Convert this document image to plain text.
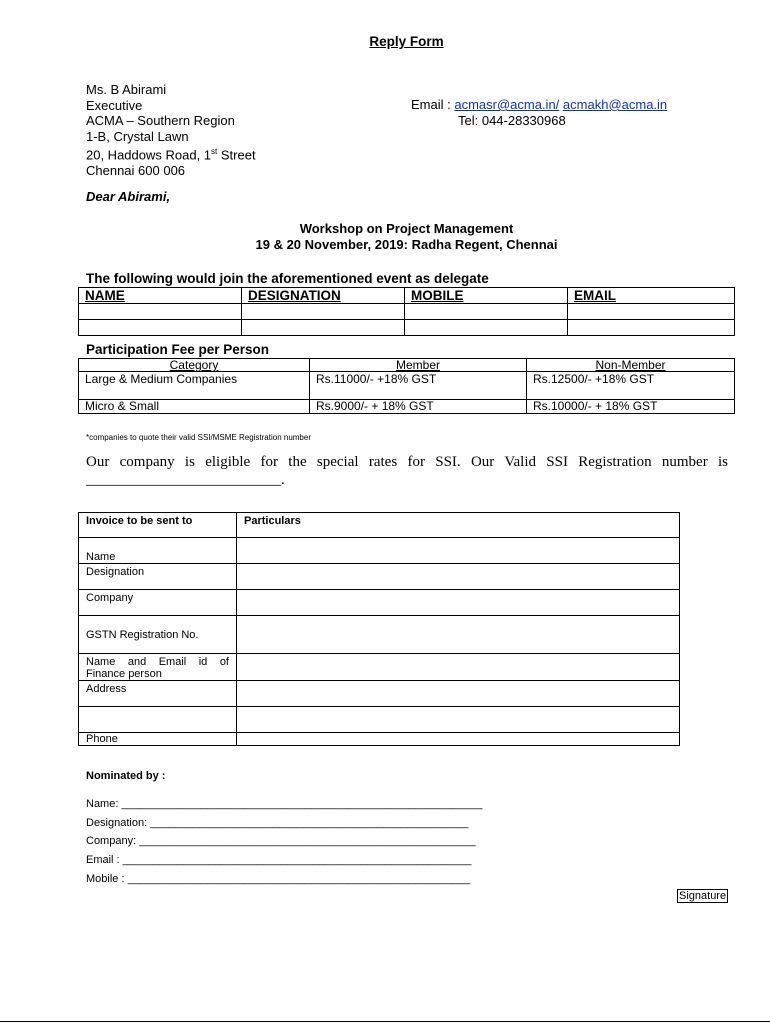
Reply Form
Ms. B Abirami
Executive
ACMA – Southern Region
1-B, Crystal Lawn
20, Haddows Road, 1st Street
Chennai 600 006
Email : acmasr@acma.in/ acmakh@acma.in
Tel: 044-28330968
Dear Abirami,
Workshop on Project Management
19 & 20 November, 2019: Radha Regent, Chennai
The following would join the aforementioned event as delegate
NAME	DESIGNATION	MOBILE	EMAIL

Participation Fee per Person
Category	Member	Non-Member
Large & Medium Companies	Rs.11000/- +18% GST	Rs.12500/- +18% GST
Micro & Small	Rs.9000/- + 18% GST	Rs.10000/- + 18% GST
*companies to quote their valid SSI/MSME Registration number
Our company is eligible for the special rates for SSI. Our Valid SSI Registration number is
__________________________.
Invoice to be sent to	Particulars
Name	
Designation	
Company	
GSTN Registration No.	
Name and Email id of Finance person	
Address	

Phone	
Nominated by :
Name: ___________________________________________________________
Designation: ____________________________________________________
Company: _______________________________________________________
Email : _________________________________________________________
Mobile : ________________________________________________________
Signature
